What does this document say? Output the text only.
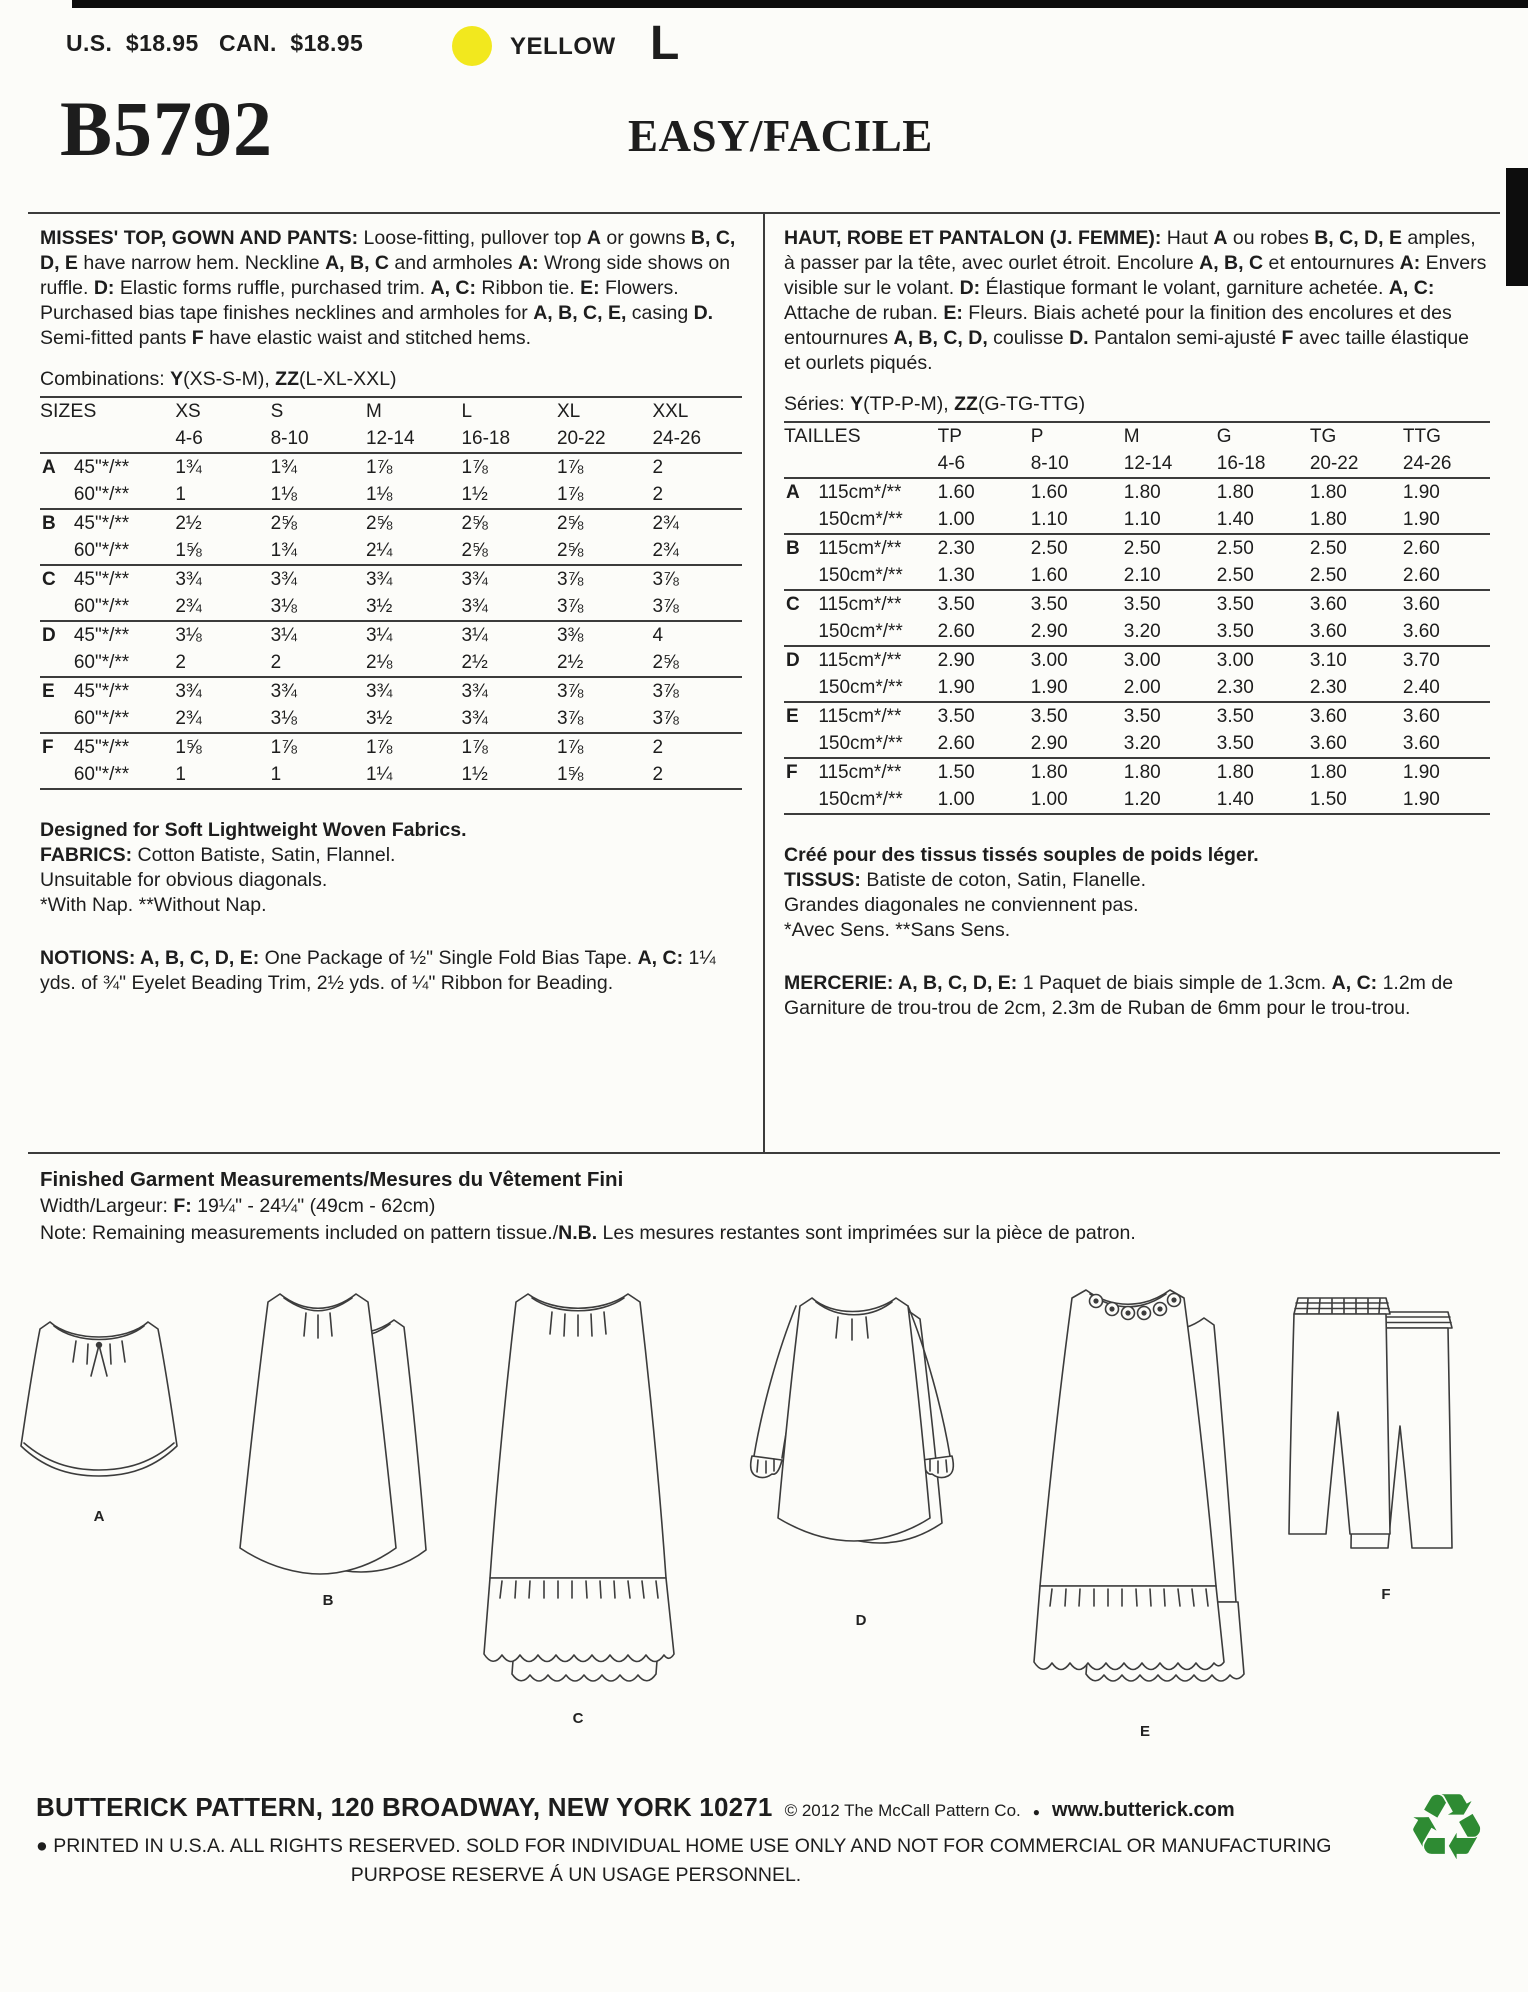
U.S.  $18.95   CAN.  $18.95	YELLOW L
B5792	EASY/FACILE

MISSES' TOP, GOWN AND PANTS: Loose-fitting, pullover top A or gowns B, C, D, E have narrow hem. Neckline A, B, C and armholes A: Wrong side shows on ruffle. D: Elastic forms ruffle, purchased trim. A, C: Ribbon tie. E: Flowers. Purchased bias tape finishes necklines and armholes for A, B, C, E, casing D. Semi-fitted pants F have elastic waist and stitched hems.

Combinations: Y(XS-S-M), ZZ(L-XL-XXL)

SIZES		XS	S	M	L	XL	XXL
		4-6	8-10	12-14	16-18	20-22	24-26
A	45"*/**	1¾	1¾	1⅞	1⅞	1⅞	2
	60"*/**	1	1⅛	1⅛	1½	1⅞	2
B	45"*/**	2½	2⅝	2⅝	2⅝	2⅝	2¾
	60"*/**	1⅝	1¾	2¼	2⅝	2⅝	2¾
C	45"*/**	3¾	3¾	3¾	3¾	3⅞	3⅞
	60"*/**	2¾	3⅛	3½	3¾	3⅞	3⅞
D	45"*/**	3⅛	3¼	3¼	3¼	3⅜	4
	60"*/**	2	2	2⅛	2½	2½	2⅝
E	45"*/**	3¾	3¾	3¾	3¾	3⅞	3⅞
	60"*/**	2¾	3⅛	3½	3¾	3⅞	3⅞
F	45"*/**	1⅝	1⅞	1⅞	1⅞	1⅞	2
	60"*/**	1	1	1¼	1½	1⅝	2

Designed for Soft Lightweight Woven Fabrics.

FABRICS: Cotton Batiste, Satin, Flannel.

Unsuitable for obvious diagonals.

*With Nap. **Without Nap.

NOTIONS: A, B, C, D, E: One Package of ½" Single Fold Bias Tape. A, C: 1¼ yds. of ¾" Eyelet Beading Trim, 2½ yds. of ¼" Ribbon for Beading.

HAUT, ROBE ET PANTALON (J. FEMME): Haut A ou robes B, C, D, E amples, à passer par la tête, avec ourlet étroit. Encolure A, B, C et entournures A: Envers visible sur le volant. D: Élastique formant le volant, garniture achetée. A, C: Attache de ruban. E: Fleurs. Biais acheté pour la finition des encolures et des entournures A, B, C, D, coulisse D. Pantalon semi-ajusté F avec taille élastique et ourlets piqués.

Séries: Y(TP-P-M), ZZ(G-TG-TTG)

TAILLES		TP	P	M	G	TG	TTG
		4-6	8-10	12-14	16-18	20-22	24-26
A	115cm*/**	1.60	1.60	1.80	1.80	1.80	1.90
	150cm*/**	1.00	1.10	1.10	1.40	1.80	1.90
B	115cm*/**	2.30	2.50	2.50	2.50	2.50	2.60
	150cm*/**	1.30	1.60	2.10	2.50	2.50	2.60
C	115cm*/**	3.50	3.50	3.50	3.50	3.60	3.60
	150cm*/**	2.60	2.90	3.20	3.50	3.60	3.60
D	115cm*/**	2.90	3.00	3.00	3.00	3.10	3.70
	150cm*/**	1.90	1.90	2.00	2.30	2.30	2.40
E	115cm*/**	3.50	3.50	3.50	3.50	3.60	3.60
	150cm*/**	2.60	2.90	3.20	3.50	3.60	3.60
F	115cm*/**	1.50	1.80	1.80	1.80	1.80	1.90
	150cm*/**	1.00	1.00	1.20	1.40	1.50	1.90

Créé pour des tissus tissés souples de poids léger.

TISSUS: Batiste de coton, Satin, Flanelle.

Grandes diagonales ne conviennent pas.

*Avec Sens. **Sans Sens.

MERCERIE: A, B, C, D, E: 1 Paquet de biais simple de 1.3cm. A, C: 1.2m de Garniture de trou-trou de 2cm, 2.3m de Ruban de 6mm pour le trou-trou.

Finished Garment Measurements/Mesures du Vêtement Fini
Width/Largeur: F: 19¼" - 24¼" (49cm - 62cm)
Note: Remaining measurements included on pattern tissue./N.B. Les mesures restantes sont imprimées sur la pièce de patron.
A
B
C
D
E
F
BUTTERICK PATTERN, 120 BROADWAY, NEW YORK 10271 © 2012 The McCall Pattern Co. ● www.butterick.com
● PRINTED IN U.S.A. ALL RIGHTS RESERVED. SOLD FOR INDIVIDUAL HOME USE ONLY AND NOT FOR COMMERCIAL OR MANUFACTURING
PURPOSE RESERVE Á UN USAGE PERSONNEL.	♻
